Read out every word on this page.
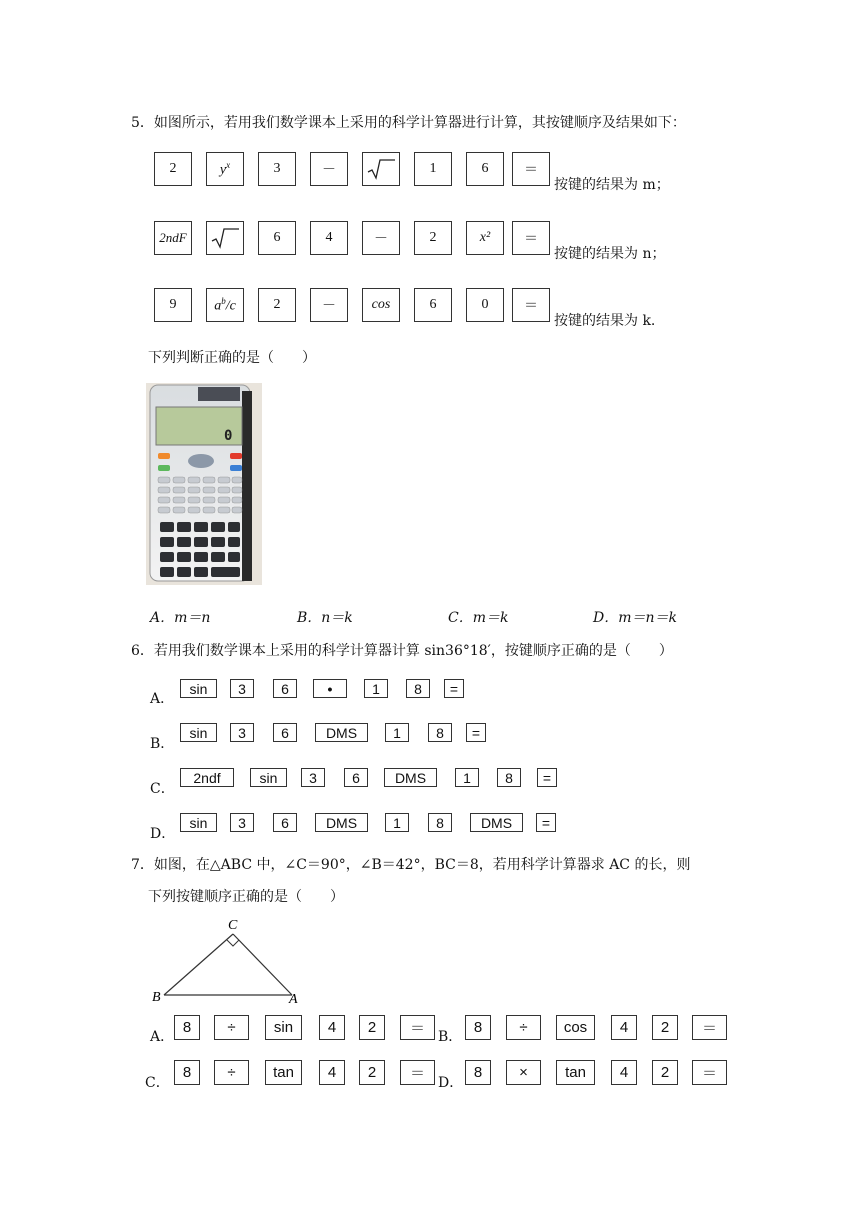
5．如图所示，若用我们数学课本上采用的科学计算器进行计算，其按键顺序及结果如下：
2	$y^x$	3	－	1	6	＝
按键的结果为 m；
2ndF	6	4	－	2	x²	＝
按键的结果为 n；
9	$a^b/c$	2	－	cos	6	0	＝
按键的结果为 k.
下列判断正确的是（　　）
0
A．m＝n	B．n＝k	C．m＝k	D．m＝n＝k
6．若用我们数学课本上采用的科学计算器计算 sin36°18′，按键顺序正确的是（　　）
A．
sin	3	6	•	1	8	=
B．
sin	3	6	DMS	1	8	=
C．
2ndf	sin	3	6	DMS	1	8	=
D．
sin	3	6	DMS	1	8	DMS	=
7．如图，在△ABC 中，∠C＝90°，∠B＝42°，BC＝8，若用科学计算器求 AC 的长，则
下列按键顺序正确的是（　　）
C
B	A
A．
8	÷	sin	4	2	＝ B．
8	÷	cos	4	2	＝
C．
8	÷	tan	4	2	＝
D．
8	×	tan	4	2	＝
